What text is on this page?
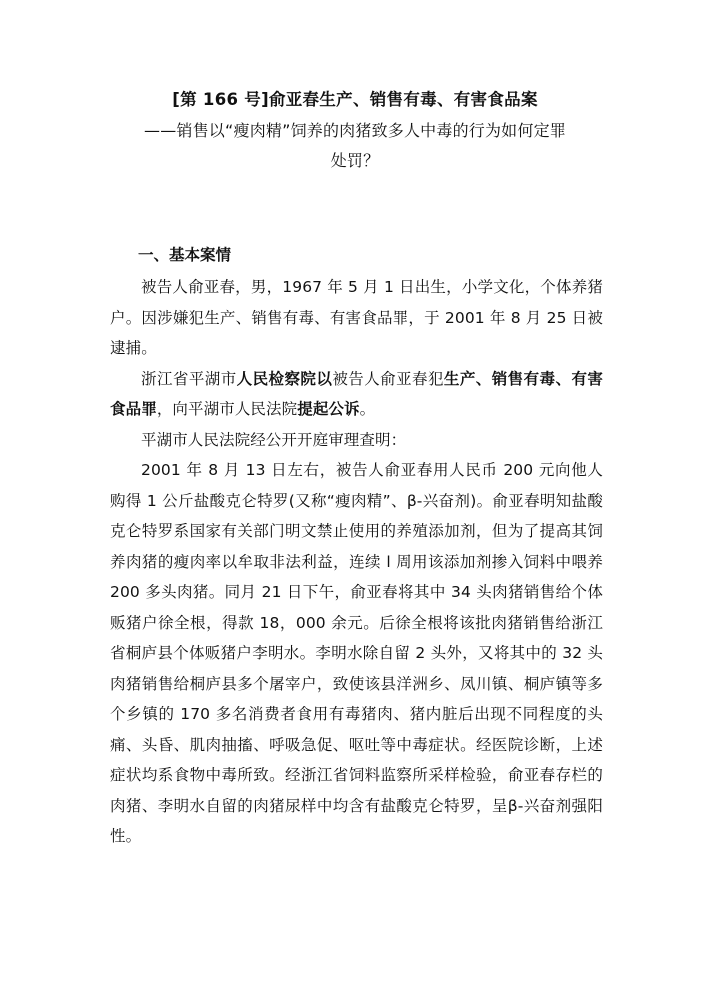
[第 166 号]俞亚春生产、销售有毒、有害食品案
——销售以“瘦肉精”饲养的肉猪致多人中毒的行为如何定罪处罚？
一、基本案情

被告人俞亚春，男，1967 年 5 月 1 日出生，小学文化，个体养猪户。因涉嫌犯生产、销售有毒、有害食品罪，于 2001 年 8 月 25 日被逮捕。

浙江省平湖市人民检察院以被告人俞亚春犯生产、销售有毒、有害食品罪，向平湖市人民法院提起公诉。

平湖市人民法院经公开开庭审理查明：

2001 年 8 月 13 日左右，被告人俞亚春用人民币 200 元向他人购得 1 公斤盐酸克仑特罗(又称“瘦肉精”、β-兴奋剂)。俞亚春明知盐酸克仑特罗系国家有关部门明文禁止使用的养殖添加剂，但为了提高其饲养肉猪的瘦肉率以牟取非法利益，连续 l 周用该添加剂掺入饲料中喂养 200 多头肉猪。同月 21 日下午，俞亚春将其中 34 头肉猪销售给个体贩猪户徐全根，得款 18，000 余元。后徐全根将该批肉猪销售给浙江省桐庐县个体贩猪户李明水。李明水除自留 2 头外，又将其中的 32 头肉猪销售给桐庐县多个屠宰户，致使该县洋洲乡、凤川镇、桐庐镇等多个乡镇的 170 多名消费者食用有毒猪肉、猪内脏后出现不同程度的头痛、头昏、肌肉抽搐、呼吸急促、呕吐等中毒症状。经医院诊断，上述症状均系食物中毒所致。经浙江省饲料监察所采样检验，俞亚春存栏的肉猪、李明水自留的肉猪尿样中均含有盐酸克仑特罗，呈β-兴奋剂强阳性。
